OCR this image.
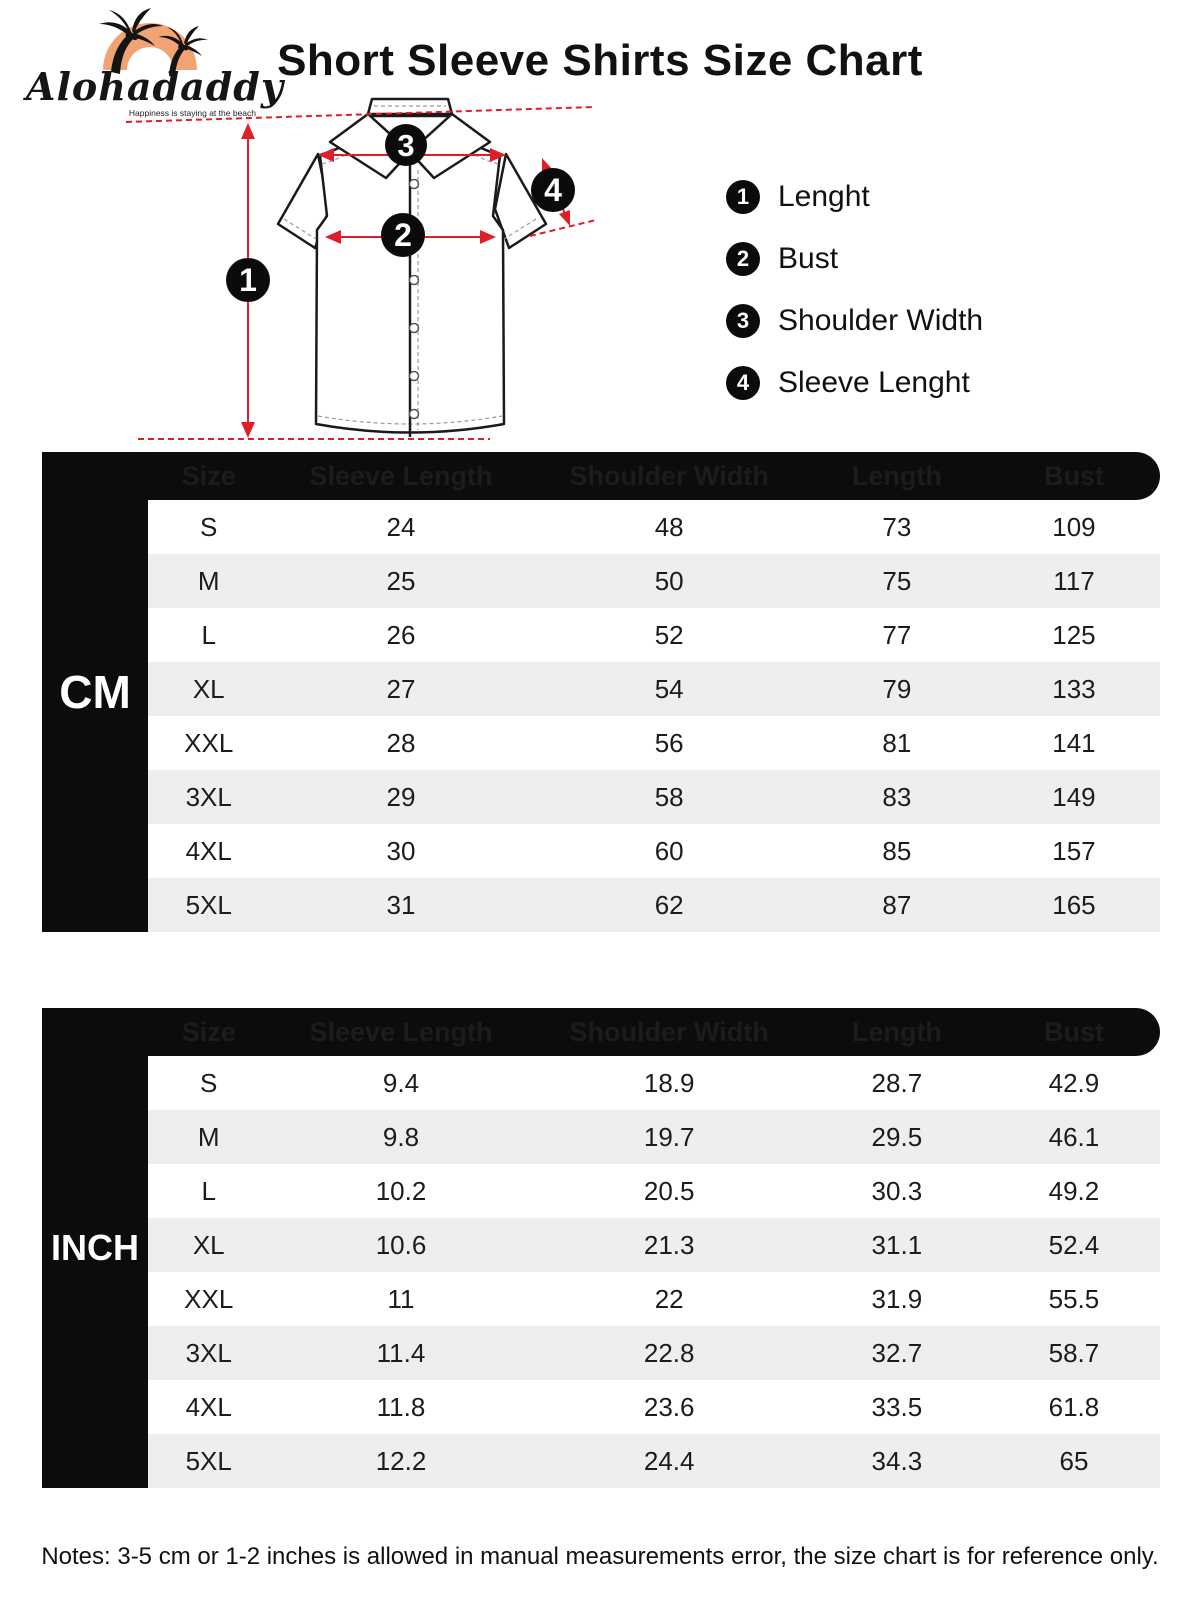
Alohadaddy
Happiness is staying at the beach
Short Sleeve Shirts Size Chart
1
2
3
4	1 Lenght
2 Bust
3 Shoulder Width
4 Sleeve Lenght
CM
Size	Sleeve Length	Shoulder Width	Length	Bust
S	24	48	73	109
M	25	50	75	117
L	26	52	77	125
XL	27	54	79	133
XXL	28	56	81	141
3XL	29	58	83	149
4XL	30	60	85	157
5XL	31	62	87	165
INCH
Size	Sleeve Length	Shoulder Width	Length	Bust
S	9.4	18.9	28.7	42.9
M	9.8	19.7	29.5	46.1
L	10.2	20.5	30.3	49.2
XL	10.6	21.3	31.1	52.4
XXL	11	22	31.9	55.5
3XL	11.4	22.8	32.7	58.7
4XL	11.8	23.6	33.5	61.8
5XL	12.2	24.4	34.3	65
Notes: 3-5 cm or 1-2 inches is allowed in manual measurements error, the size chart is for reference only.
